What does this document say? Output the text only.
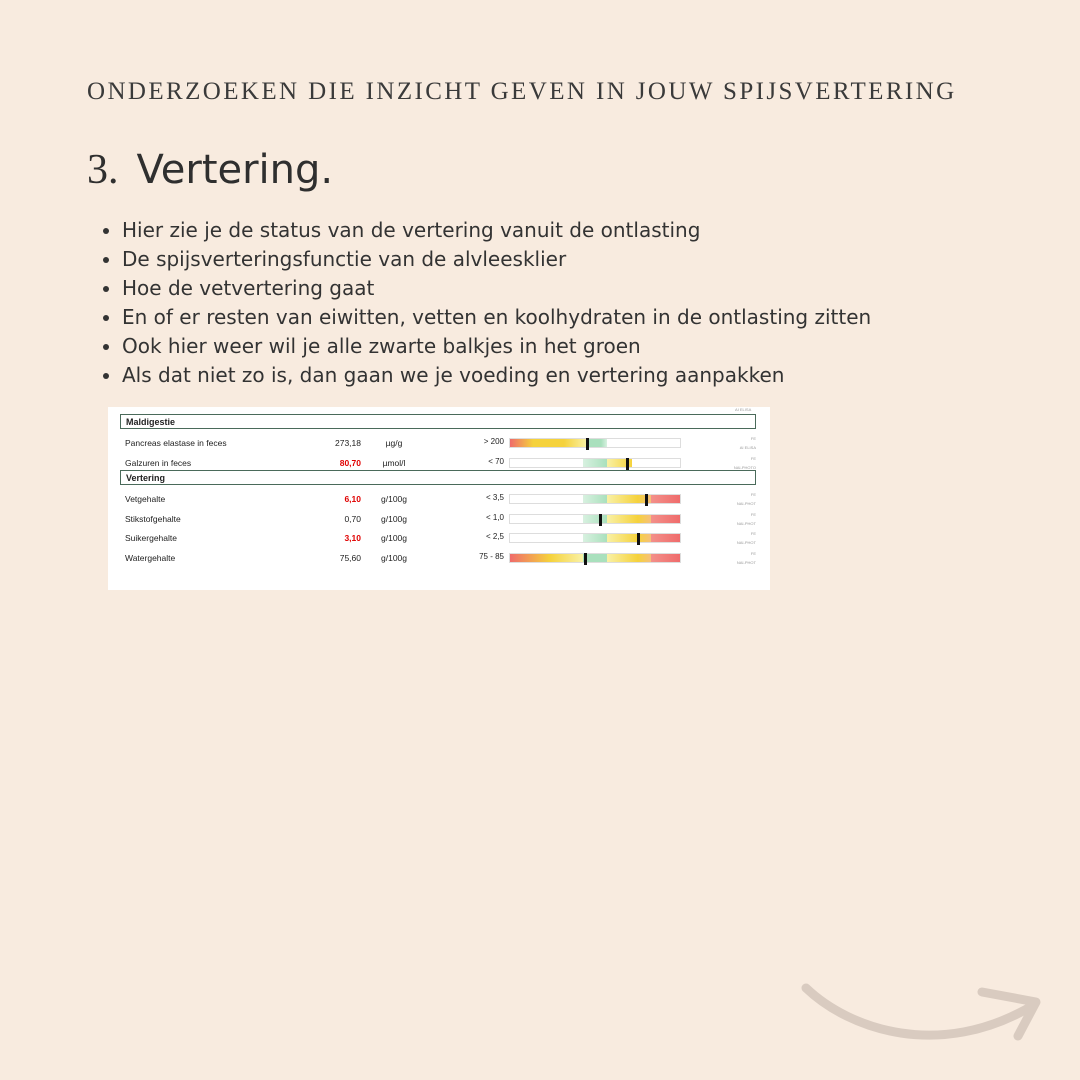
ONDERZOEKEN DIE INZICHT GEVEN IN JOUW SPIJSVERTERING
3. Vertering.
• Hier zie je de status van de vertering vanuit de ontlasting
• De spijsverteringsfunctie van de alvleesklier
• Hoe de vetvertering gaat
• En of er resten van eiwitten, vetten en koolhydraten in de ontlasting zitten
• Ook hier weer wil je alle zwarte balkjes in het groen
• Als dat niet zo is, dan gaan we je voeding en vertering aanpakken
AI ELISA
Maldigestie
Pancreas elastase in feces	273,18	µg/g	> 200	FE
AI ELISA
Galzuren in feces	80,70	µmol/l	< 70	FE
NAI-PHOTO
Vertering
Vetgehalte	6,10	g/100g	< 3,5	FE
NAI-PHOT
Stikstofgehalte	0,70	g/100g	< 1,0	FE
NAI-PHOT
Suikergehalte	3,10	g/100g	< 2,5	FE
NAI-PHOT
Watergehalte	75,60	g/100g	75 - 85	FE
NAI-PHOT
